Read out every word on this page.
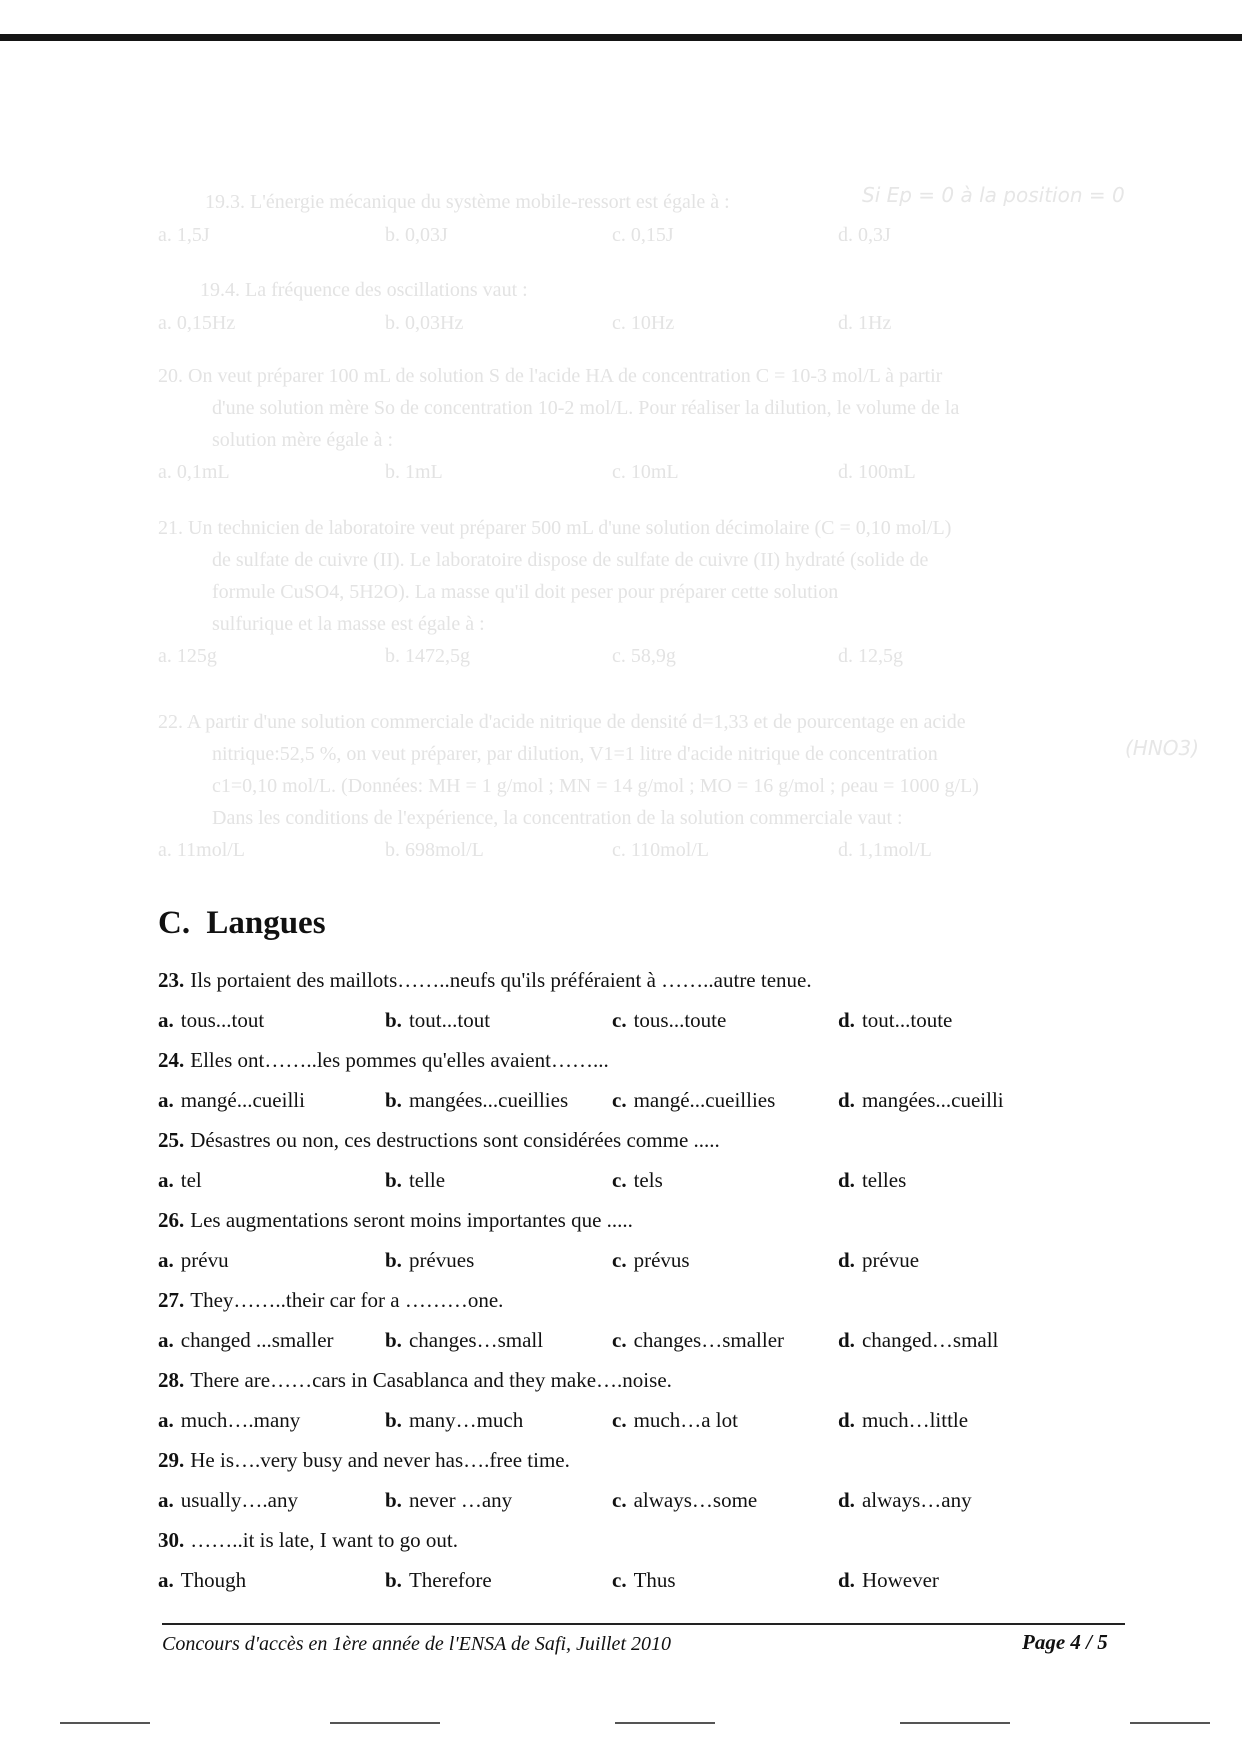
19.3. L'énergie mécanique du système mobile-ressort est égale à :	Si Ep = 0 à la position = 0
a. 1,5J	b. 0,03J	c. 0,15J	d. 0,3J
19.4. La fréquence des oscillations vaut :
a. 0,15Hz	b. 0,03Hz	c. 10Hz	d. 1Hz
20. On veut préparer 100 mL de solution S de l'acide HA de concentration C = 10-3 mol/L à partir
d'une solution mère So de concentration 10-2 mol/L. Pour réaliser la dilution, le volume de la
solution mère égale à :
a. 0,1mL	b. 1mL	c. 10mL	d. 100mL
21. Un technicien de laboratoire veut préparer 500 mL d'une solution décimolaire (C = 0,10 mol/L)
de sulfate de cuivre (II). Le laboratoire dispose de sulfate de cuivre (II) hydraté (solide de
formule CuSO4, 5H2O). La masse qu'il doit peser pour préparer cette solution
sulfurique et la masse est égale à :
a. 125g	b. 1472,5g	c. 58,9g	d. 12,5g
22. A partir d'une solution commerciale d'acide nitrique de densité d=1,33 et de pourcentage en acide
nitrique:52,5 %, on veut préparer, par dilution, V1=1 litre d'acide nitrique de concentration
c1=0,10 mol/L. (Données: MH = 1 g/mol ; MN = 14 g/mol ; MO = 16 g/mol ; ρeau = 1000 g/L)
Dans les conditions de l'expérience, la concentration de la solution commerciale vaut :
(HNO3)
a. 11mol/L	b. 698mol/L	c. 110mol/L	d. 1,1mol/L
C. Langues
23. Ils portaient des maillots……..neufs qu'ils préféraient à ……..autre tenue.
a. tous...tout	b. tout...tout	c. tous...toute	d. tout...toute
24. Elles ont……..les pommes qu'elles avaient……...
a. mangé...cueilli	b. mangées...cueillies c. mangé...cueillies	d. mangées...cueilli
25. Désastres ou non, ces destructions sont considérées comme .....
a. tel	b. telle	c. tels	d. telles
26. Les augmentations seront moins importantes que .....
a. prévu	b. prévues	c. prévus	d. prévue
27. They……..their car for a ………one.
a. changed ...smaller b. changes…small	c. changes…smaller	d. changed…small
28. There are……cars in Casablanca and they make….noise.
a. much….many	b. many…much	c. much…a lot	d. much…little
29. He is….very busy and never has….free time.
a. usually….any	b. never …any	c. always…some	d. always…any
30. ……..it is late, I want to go out.
a. Though	b. Therefore	c. Thus	d. However
Concours d'accès en 1ère année de l'ENSA de Safi, Juillet 2010	Page 4 / 5
